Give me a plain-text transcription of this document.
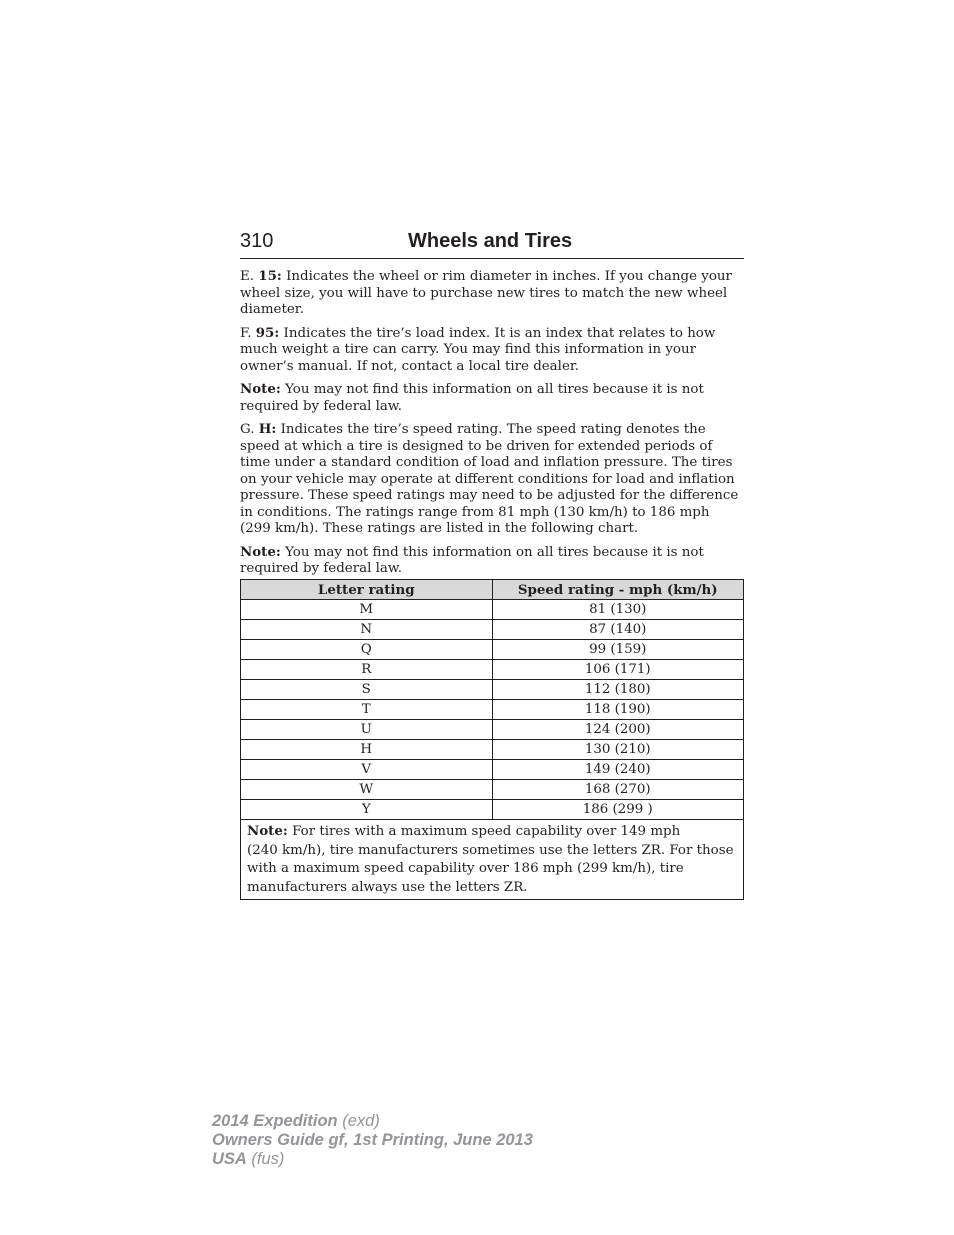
310	Wheels and Tires

E. 15: Indicates the wheel or rim diameter in inches. If you change your wheel size, you will have to purchase new tires to match the new wheel diameter.

F. 95: Indicates the tire’s load index. It is an index that relates to how much weight a tire can carry. You may find this information in your owner’s manual. If not, contact a local tire dealer.

Note: You may not find this information on all tires because it is not required by federal law.

G. H: Indicates the tire’s speed rating. The speed rating denotes the speed at which a tire is designed to be driven for extended periods of time under a standard condition of load and inflation pressure. The tires on your vehicle may operate at different conditions for load and inflation pressure. These speed ratings may need to be adjusted for the difference in conditions. The ratings range from 81 mph (130 km/h) to 186 mph (299 km/h). These ratings are listed in the following chart.

Note: You may not find this information on all tires because it is not required by federal law.

Letter rating	Speed rating - mph (km/h)
M	81 (130)
N	87 (140)
Q	99 (159)
R	106 (171)
S	112 (180)
T	118 (190)
U	124 (200)
H	130 (210)
V	149 (240)
W	168 (270)
Y	186 (299 )
Note: For tires with a maximum speed capability over 149 mph
(240 km/h), tire manufacturers sometimes use the letters ZR. For those with a maximum speed capability over 186 mph (299 km/h), tire manufacturers always use the letters ZR.	
2014 Expedition (exd)
Owners Guide gf, 1st Printing, June 2013
USA (fus)
